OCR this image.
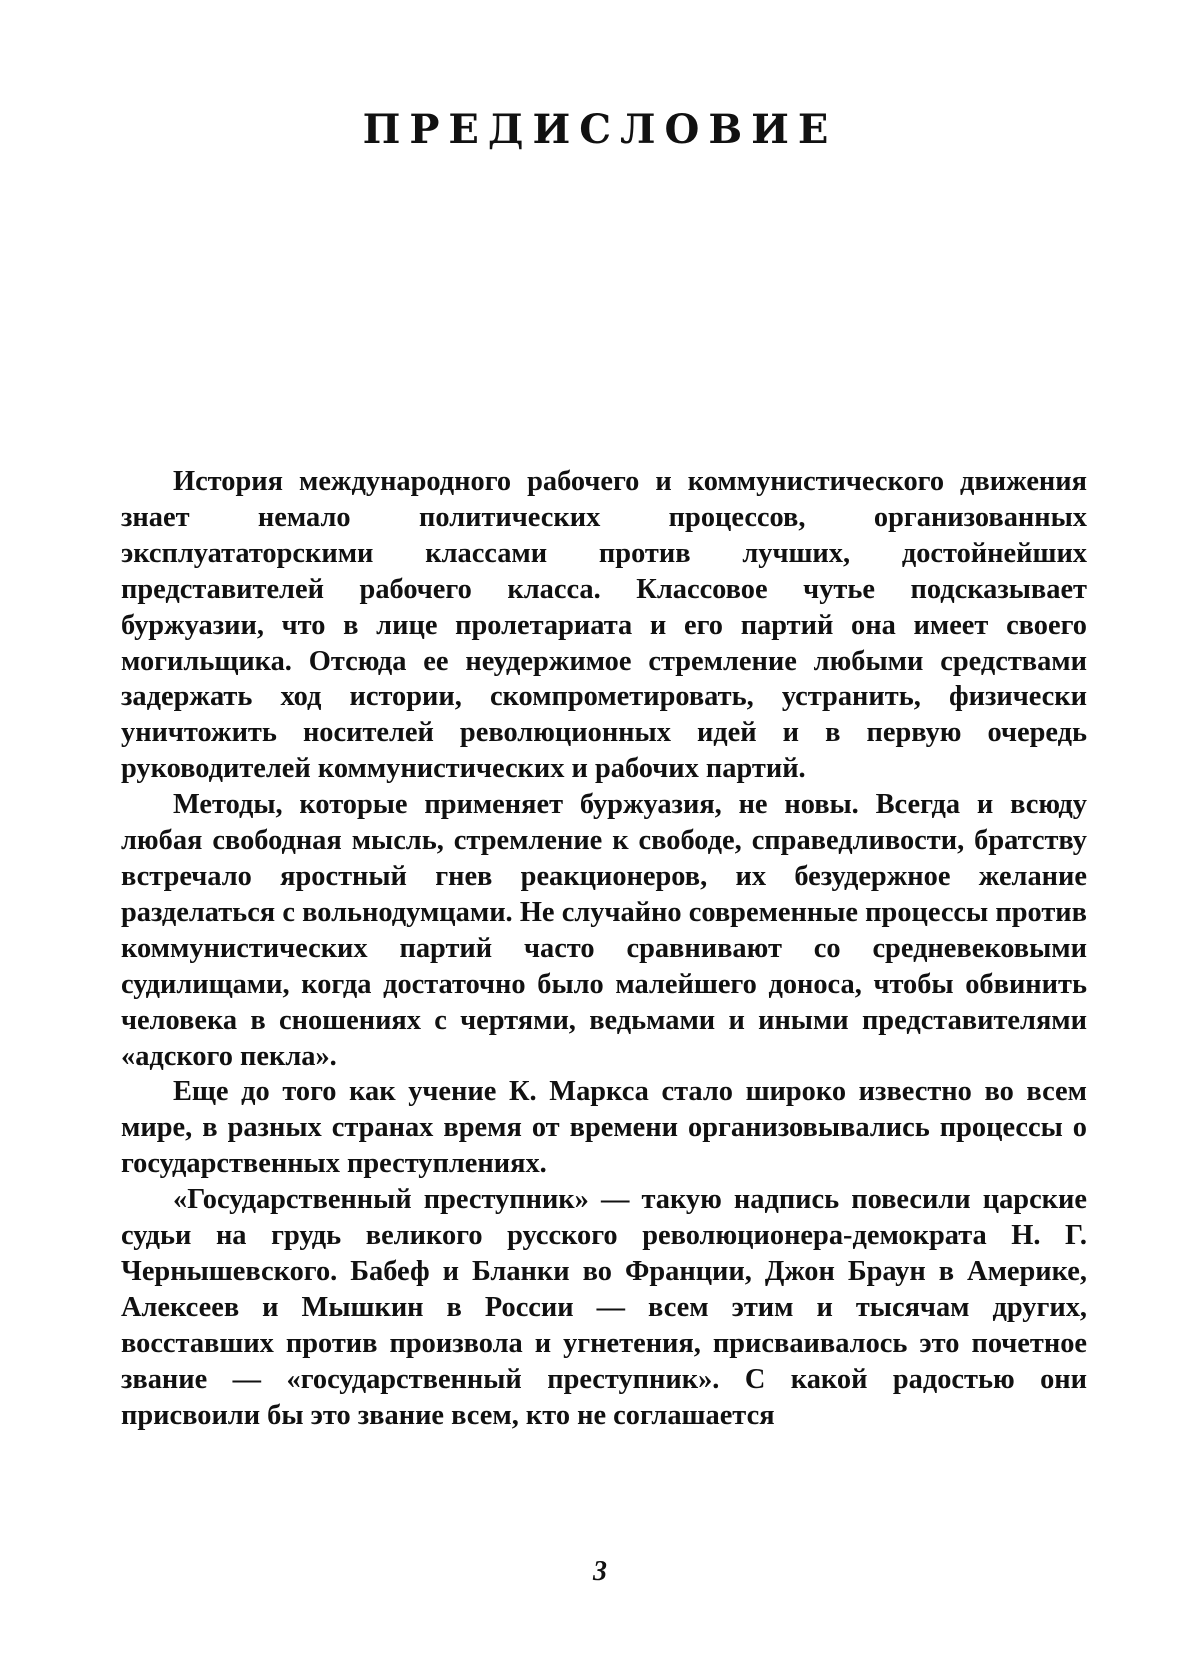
ПРЕДИСЛОВИЕ

История международного рабочего и коммунистического движения знает немало политических процессов, организованных эксплуататорскими классами против лучших, достойнейших представителей рабочего класса. Классовое чутье подсказывает буржуазии, что в лице пролетариата и его партий она имеет своего могильщика. Отсюда ее неудержимое стремление любыми средствами задержать ход истории, скомпрометировать, устранить, физически уничтожить носителей революционных идей и в первую очередь руководителей коммунистических и рабочих партий.

Методы, которые применяет буржуазия, не новы. Всегда и всюду любая свободная мысль, стремление к свободе, справедливости, братству встречало яростный гнев реакционеров, их безудержное желание разделаться с вольнодумцами. Не случайно современные процессы против коммунистических партий часто сравнивают со средневековыми судилищами, когда достаточно было малейшего доноса, чтобы обвинить человека в сношениях с чертями, ведьмами и иными представителями «адского пекла».

Еще до того как учение К. Маркса стало широко известно во всем мире, в разных странах время от времени организовывались процессы о государственных преступлениях.

«Государственный преступник» — такую надпись повесили царские судьи на грудь великого русского революционера-демократа Н. Г. Чернышевского. Бабеф и Бланки во Франции, Джон Браун в Америке, Алексеев и Мышкин в России — всем этим и тысячам других, восставших против произвола и угнетения, присваивалось это почетное звание — «государственный преступник». С какой радостью они присвоили бы это звание всем, кто не соглашается

3
